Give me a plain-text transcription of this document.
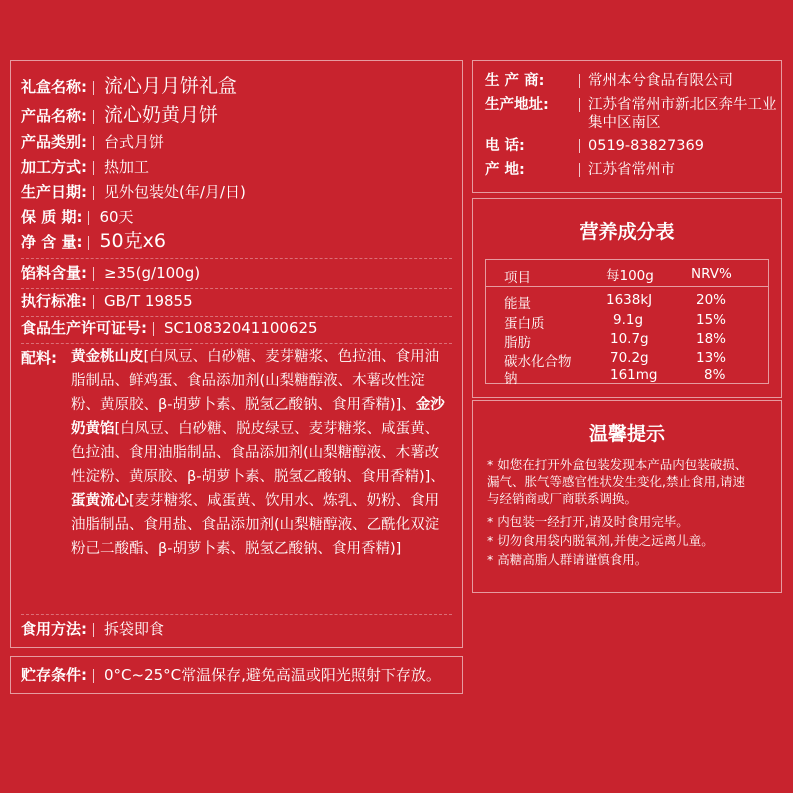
礼盒名称: 流心月月饼礼盒
产品名称: 流心奶黄月饼
产品类别: 台式月饼
加工方式: 热加工
生产日期: 见外包装处(年/月/日)
保 质 期: 60天
净 含 量: 50克x6
馅料含量: ≥35(g/100g)
执行标准: GB/T 19855
食品生产许可证号: SC10832041100625
配料: 黄金桃山皮[白凤豆、白砂糖、麦芽糖浆、色拉油、食用油脂制品、鲜鸡蛋、食品添加剂(山梨糖醇液、木薯改性淀粉、黄原胶、β-胡萝卜素、脱氢乙酸钠、食用香精)]、金沙奶黄馅[白凤豆、白砂糖、脱皮绿豆、麦芽糖浆、咸蛋黄、色拉油、食用油脂制品、食品添加剂(山梨糖醇液、木薯改性淀粉、黄原胶、β-胡萝卜素、脱氢乙酸钠、食用香精)]、蛋黄流心[麦芽糖浆、咸蛋黄、饮用水、炼乳、奶粉、食用油脂制品、食用盐、食品添加剂(山梨糖醇液、乙酰化双淀粉己二酸酯、β-胡萝卜素、脱氢乙酸钠、食用香精)]
食用方法: 拆袋即食
贮存条件: 0°C~25°C常温保存,避免高温或阳光照射下存放。
生 产 商:	常州本兮食品有限公司
生产地址:	江苏省常州市新北区奔牛工业
集中区南区
电 话:	0519-83827369
产 地:	江苏省常州市
营养成分表
项目	每100g	NRV%
能量	1638kJ	20%
蛋白质	9.1g	15%
脂肪	10.7g	18%
碳水化合物	70.2g	13%
钠	161mg	8%
温馨提示
* 如您在打开外盒包装发现本产品内包装破损、漏气、胀气等感官性状发生变化,禁止食用,请速与经销商或厂商联系调换。
* 内包装一经打开,请及时食用完毕。
* 切勿食用袋内脱氧剂,并使之远离儿童。
* 高糖高脂人群请谨慎食用。
